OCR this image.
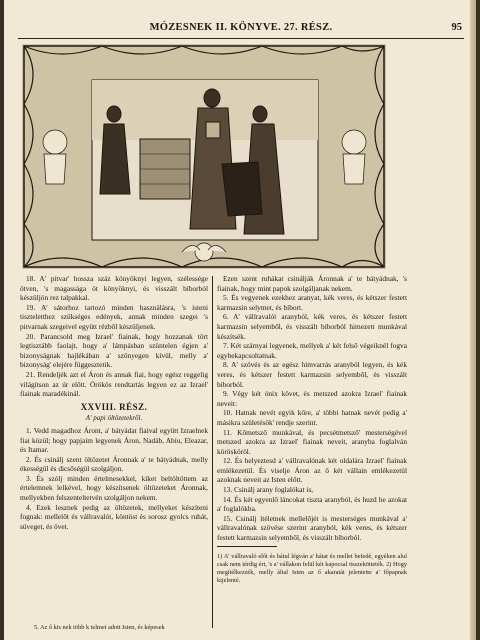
MÓZESNEK II. KÖNYVE. 27. RÉSZ.	95

18. A' pitvar' hossza száz könyöknyi legyen, szélessége ötven, 's magassága öt könyöknyi, és visszált bíborból készüljön rez talpakkal.

19. A' sátorhoz tartozó minden használásra, 's isteni tiszteletthez szükséges edények, annak minden szegei 's pitvarnak szegeivel együtt rézből készüljenek.

20. Parancsold meg Izrael' fiainak, hogy hozzanak tört legtisztább faolajt, hogy a' lámpásban szüntelen égjen a' bizonyságnak hajlékában a' szönyegen kívül, melly a' bizonyság' elejére függesztetik.

21. Rendeljék azt el Áron és annak fiai, hogy egész reggelig világítson az úr előtt. Örökös rendtartás legyen ez az Izrael' fiainak maradékinál.

XXVIII. RÉSZ.
A' papi öltözetekről.

1. Vedd magadhoz Áront, a' bátyádat fiaival együtt Izraelnek fiai közül; hogy papjaim legyenek Áron, Nadáb, Abiu, Eleazar, és Itamar.

2. És csinálj szent öltözetet Áronnak a' te bátyádnak, melly ékességül és dicsőségül szolgáljon.

3. És szólj minden értelmesekkel, kiket beltöltöttem az értelemnek lelkével, hogy készítsenek öltözeteket Áronnak, mellyekben felszenteltetvén szolgáljon nekem.

4. Ezek lesznek pedig az öltözetek, mellyeket készíteni fognak: mellelőt és vállravalót, köntöst és sorosz gyolcs ruhát, süveget, és övet.

Ezen szent ruhákat csinálják Áronnak a' te bátyádnak, 's fiainak, hogy mint papok szolgáljanak nekem.

5. És vegyenek ezekhez aranyat, kék veres, és kétszer festett karmazsin selymet, és bíbort.

6. A' vállravalót aranyból, kék veres, és kétszer festett karmazsin selyemből, és visszált bíborból himezett munkával készítsék.

7. Két szárnyai legyenek, mellyek a' két felső végeiknél fogva egybekapcsoltatnak.

8. A' szövés és az egész himvarrás aranyból legyen, és kék veres, és kétszer festett karmazsin selyemből, és visszált bíborból.

9. Végy két ónix követ, és metszed azokra Izrael' fiainak neveit:

10. Hatnak nevét egyik kőre, a' többi hatnak nevét pedig a' másikra születésök' rendje szerint.

11. Kőmetsző munkával, és pecsétmetsző' mesterségével metszed azokra az Izrael' fiainak neveit, aranyba foglalván körösköröl.

12. És helyeztesd a' vállravalónak két oldalára Izrael' fiainak emlékezetül. És viselje Áron az ő két vállain emlékezetül azoknak neveit az Isten előtt.

13. Csinálj arany foglalókat is,

14. És két egyenlő láncokat tiszta aranyból, és huzd be azokat a' foglalókba.

15. Csinálj ítéletnek mellelőjét is mesterséges munkával a' vállravalónak szövése szerint aranyból, kék veres, és kétszer festett karmazsin selyemből, és visszált bíborból.

1) A' vállravaló előt és hátul légván a' hátat és mellet befedé, egyéken alul csak nem térdig ért, 's a' vállakon felül két kapocsal összekötteték. 2) Hogy megítélkezzék, melly által Isten az ő akaratát jelentette a' főpapnak kijelenté.

5. Az ő kis nek több k telmet adott Isten, és képesek
